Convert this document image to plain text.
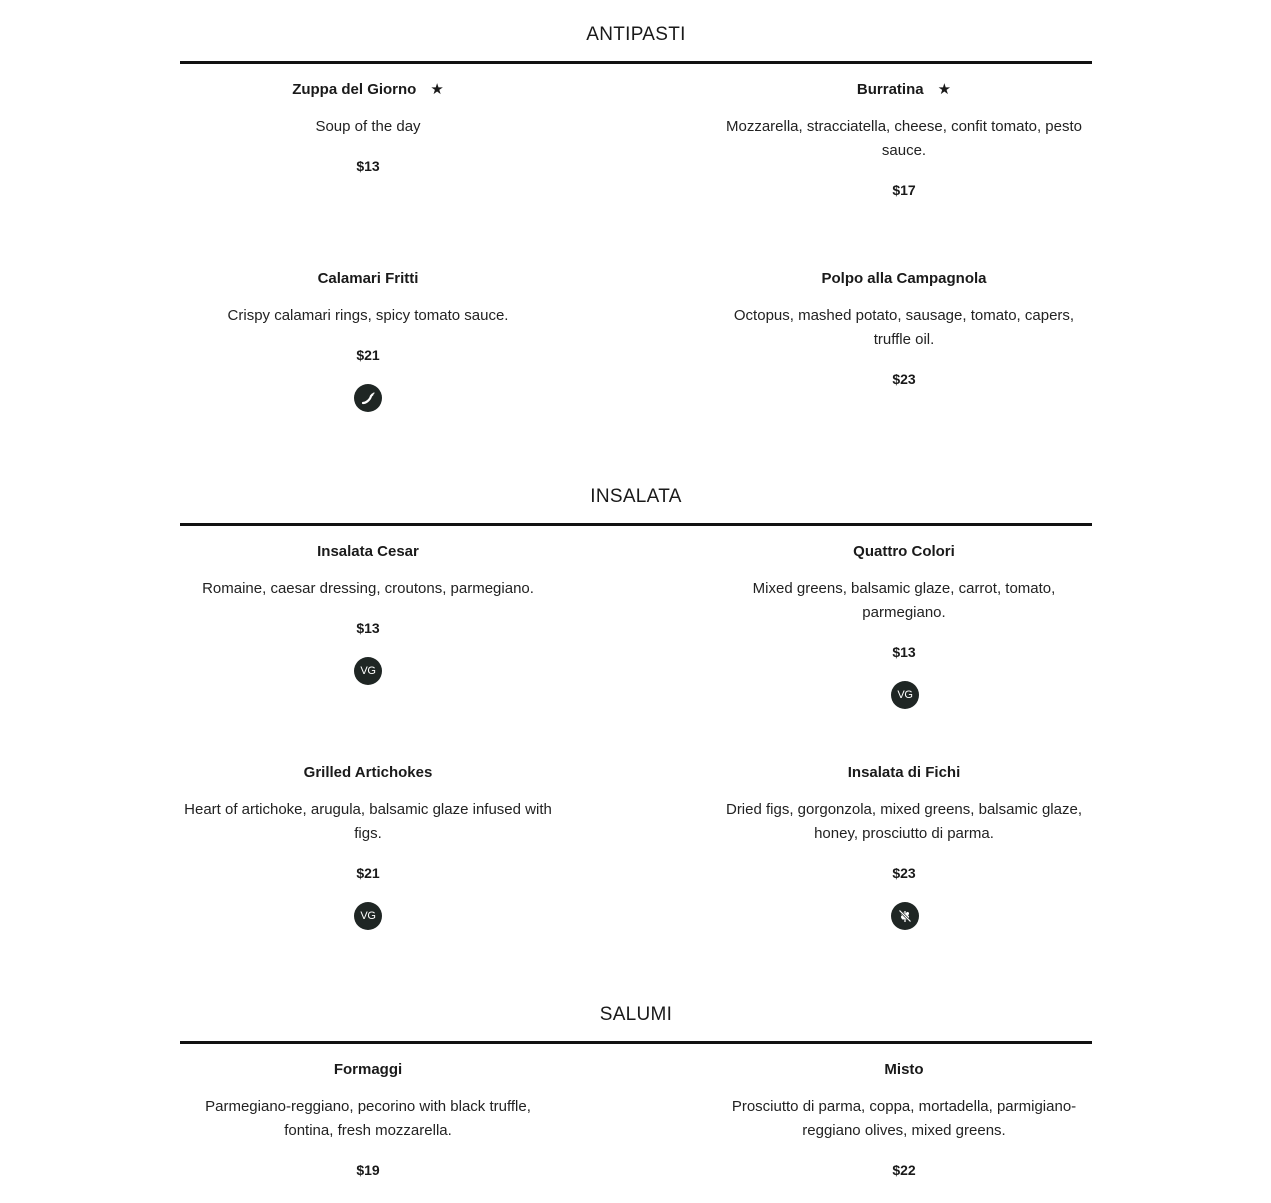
ANTIPASTI
Zuppa del Giorno ★
Soup of the day
$13
Burratina ★
Mozzarella, stracciatella, cheese, confit tomato, pesto sauce.
$17
Calamari Fritti
Crispy calamari rings, spicy tomato sauce.
$21
Polpo alla Campagnola
Octopus, mashed potato, sausage, tomato, capers, truffle oil.
$23
INSALATA
Insalata Cesar
Romaine, caesar dressing, croutons, parmegiano.
$13
VG
Quattro Colori
Mixed greens, balsamic glaze, carrot, tomato, parmegiano.
$13
VG
Grilled Artichokes
Heart of artichoke, arugula, balsamic glaze infused with figs.
$21
VG
Insalata di Fichi
Dried figs, gorgonzola, mixed greens, balsamic glaze, honey, prosciutto di parma.
$23
SALUMI
Formaggi
Parmegiano-reggiano, pecorino with black truffle, fontina, fresh mozzarella.
$19
Misto
Prosciutto di parma, coppa, mortadella, parmigiano-reggiano olives, mixed greens.
$22
